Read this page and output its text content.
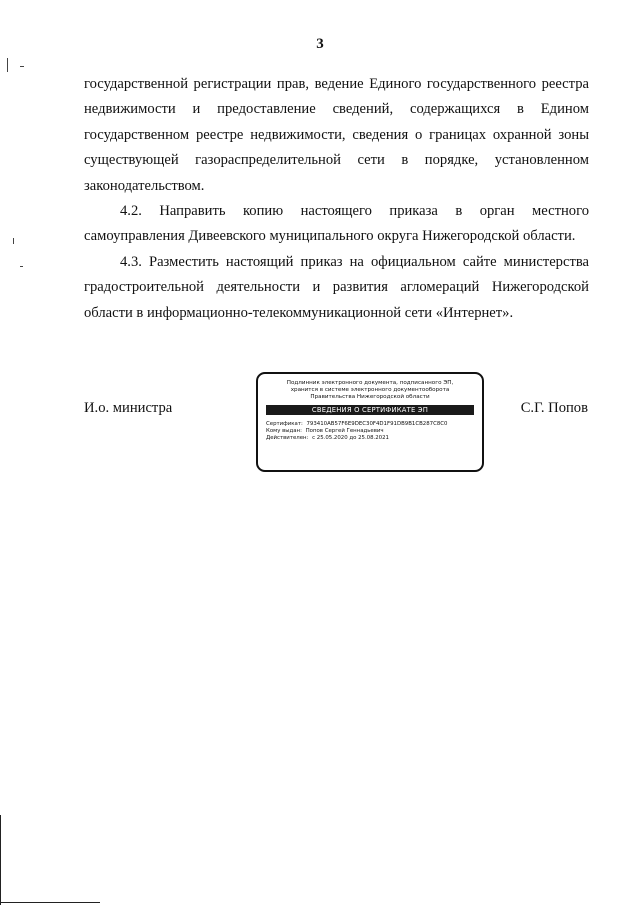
3
государственной регистрации прав, ведение Единого государственного реестра
недвижимости и предоставление сведений, содержащихся в Едином
государственном реестре недвижимости, сведения о границах охранной зоны
существующей газораспределительной сети в порядке, установленном
законодательством.
4.2. Направить копию настоящего приказа в орган местного
самоуправления Дивеевского муниципального округа Нижегородской области.
4.3. Разместить настоящий приказ на официальном сайте министерства
градостроительной деятельности и развития агломераций Нижегородской
области в информационно-телекоммуникационной сети «Интернет».
И.о. министра	С.Г. Попов
Подлинник электронного документа, подписанного ЭП,
хранится в системе электронного документооборота
Правительства Нижегородской области
СВЕДЕНИЯ О СЕРТИФИКАТЕ ЭП
Сертификат: 793410AB57F6E9DEC30F4D1F91DB9B1CB287C8C0
Кому выдан: Попов Сергей Геннадьевич
Действителен: с 25.05.2020 до 25.08.2021
